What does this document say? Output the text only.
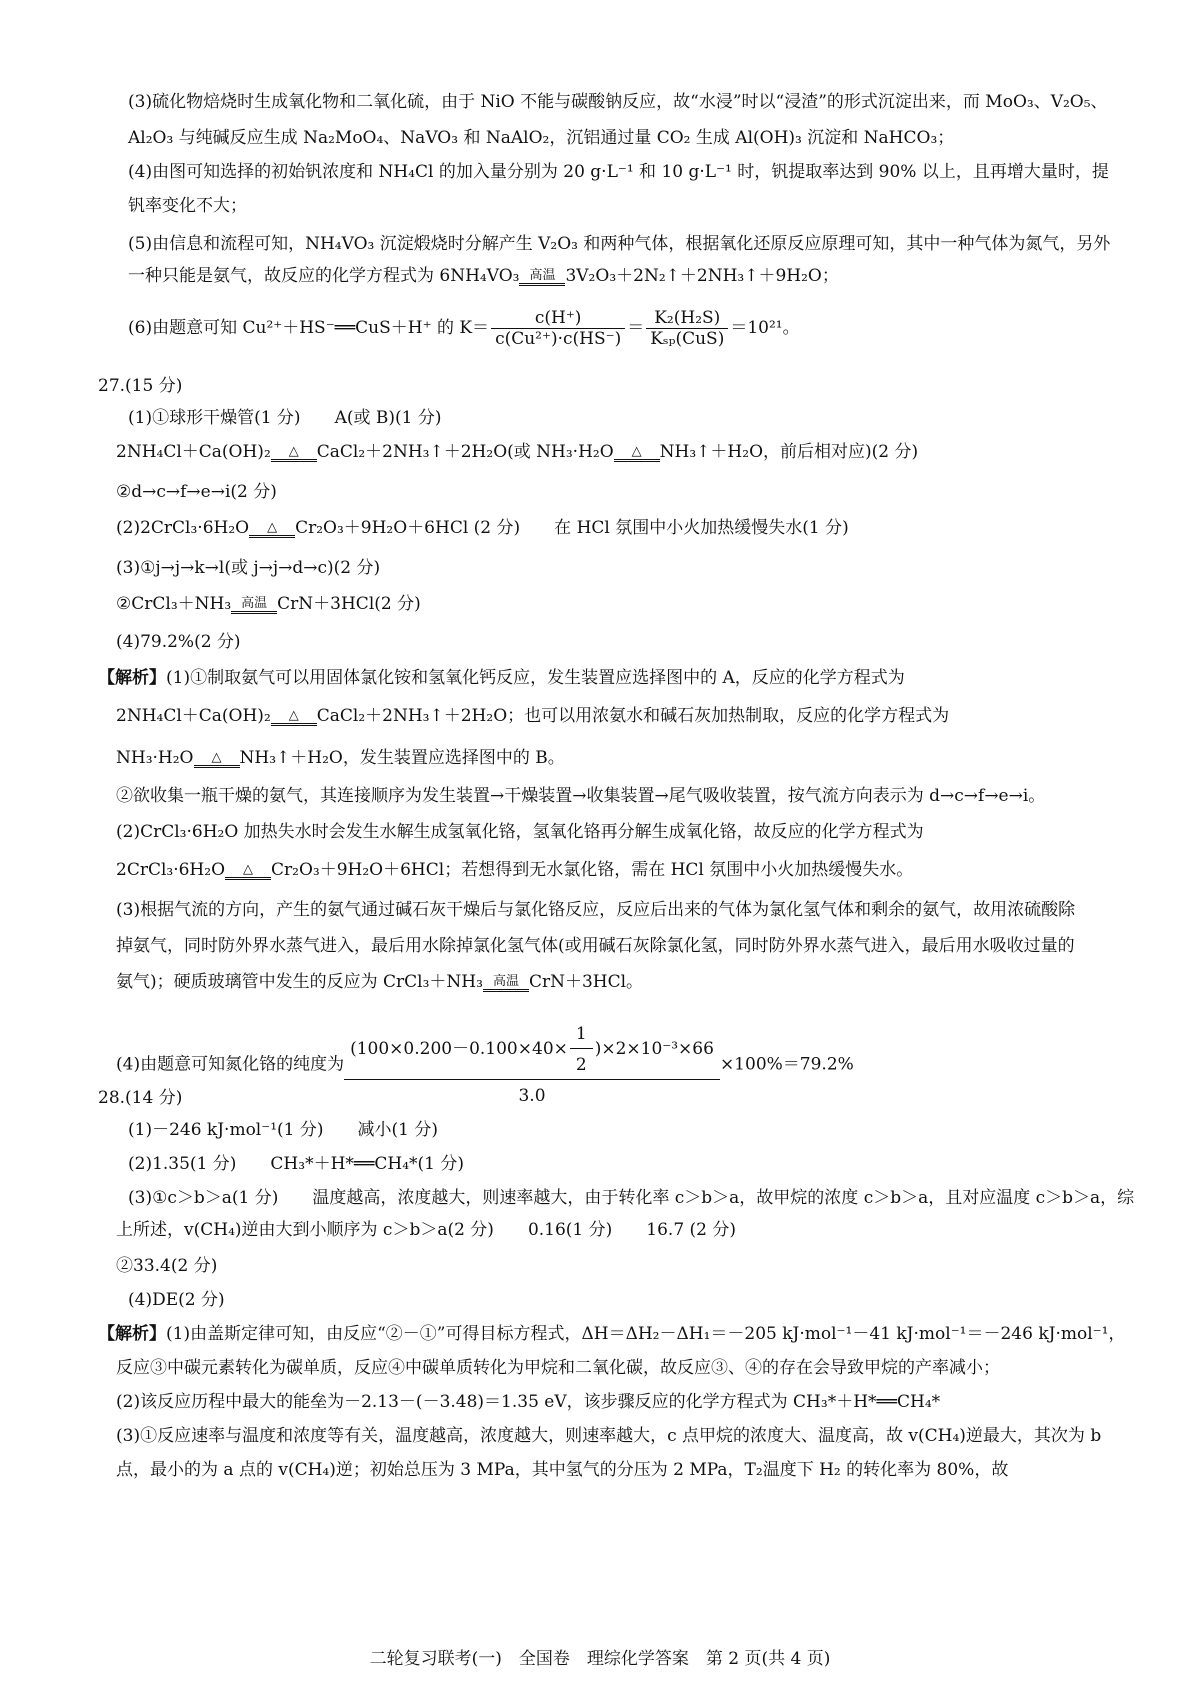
(3)硫化物焙烧时生成氧化物和二氧化硫，由于 NiO 不能与碳酸钠反应，故“水浸”时以“浸渣”的形式沉淀出来，而 MoO₃、V₂O₅、
Al₂O₃ 与纯碱反应生成 Na₂MoO₄、NaVO₃ 和 NaAlO₂，沉铝通过量 CO₂ 生成 Al(OH)₃ 沉淀和 NaHCO₃；
(4)由图可知选择的初始钒浓度和 NH₄Cl 的加入量分别为 20 g·L⁻¹ 和 10 g·L⁻¹ 时，钒提取率达到 90% 以上，且再增大量时，提
钒率变化不大；
(5)由信息和流程可知，NH₄VO₃ 沉淀煅烧时分解产生 V₂O₃ 和两种气体，根据氧化还原反应原理可知，其中一种气体为氮气，另外
一种只能是氨气，故反应的化学方程式为 6NH₄VO₃ 高温 3V₂O₃＋2N₂↑＋2NH₃↑＋9H₂O；
(6)由题意可知 Cu²⁺＋HS⁻══CuS＋H⁺ 的 $K= \frac{c(H^+)}{\text{c(Cu²⁺)·c(HS⁻)}} = \frac{\text{K₂(H₂S)}}{\text{Kₛₚ(CuS)}} =10^{21}$。
27.(15 分)
(1)①球形干燥管(1 分)　　A(或 B)(1 分)
2NH₄Cl＋Ca(OH)₂	△	CaCl₂＋2NH₃↑＋2H₂O(或 NH₃·H₂O	△	NH₃↑＋H₂O，前后相对应)(2 分)
②d→c→f→e→i(2 分)
(2)2CrCl₃·6H₂O	△	Cr₂O₃＋9H₂O＋6HCl (2 分)　　在 HCl 氛围中小火加热缓慢失水(1 分)
(3)①j→j→k→l(或 j→j→d→c)(2 分)
②CrCl₃＋NH₃ 高温 CrN＋3HCl(2 分)
(4)79.2%(2 分)
【解析】(1)①制取氨气可以用固体氯化铵和氢氧化钙反应，发生装置应选择图中的 A，反应的化学方程式为
2NH₄Cl＋Ca(OH)₂	△	CaCl₂＋2NH₃↑＋2H₂O；也可以用浓氨水和碱石灰加热制取，反应的化学方程式为
NH₃·H₂O	△	NH₃↑＋H₂O，发生装置应选择图中的 B。
②欲收集一瓶干燥的氨气，其连接顺序为发生装置→干燥装置→收集装置→尾气吸收装置，按气流方向表示为 d→c→f→e→i。
(2)CrCl₃·6H₂O 加热失水时会发生水解生成氢氧化铬，氢氧化铬再分解生成氧化铬，故反应的化学方程式为
2CrCl₃·6H₂O	△	Cr₂O₃＋9H₂O＋6HCl；若想得到无水氯化铬，需在 HCl 氛围中小火加热缓慢失水。
(3)根据气流的方向，产生的氨气通过碱石灰干燥后与氯化铬反应，反应后出来的气体为氯化氢气体和剩余的氨气，故用浓硫酸除
掉氨气，同时防外界水蒸气进入，最后用水除掉氯化氢气体(或用碱石灰除氯化氢，同时防外界水蒸气进入，最后用水吸收过量的
氨气)；硬质玻璃管中发生的反应为 CrCl₃＋NH₃ 高温 CrN＋3HCl。
(4)由题意可知氮化铬的纯度为 $\frac{(100\times 0.200-0.100\times 40\times \frac{1}{2} )\times 2\times 10^{-3}\times 66}{3.0} \times 100\%=79.2\%$
28.(14 分)
(1)－246 kJ·mol⁻¹(1 分)　　减小(1 分)
(2)1.35(1 分)　　CH₃*＋H*══CH₄*(1 分)
(3)①c＞b＞a(1 分)　　温度越高，浓度越大，则速率越大，由于转化率 c＞b＞a，故甲烷的浓度 c＞b＞a，且对应温度 c＞b＞a，综
上所述，v(CH₄)逆由大到小顺序为 c＞b＞a(2 分)　　0.16(1 分)　　16.7 (2 分)
②33.4(2 分)
(4)DE(2 分)
【解析】(1)由盖斯定律可知，由反应“②－①”可得目标方程式，ΔH＝ΔH₂－ΔH₁＝－205 kJ·mol⁻¹－41 kJ·mol⁻¹＝－246 kJ·mol⁻¹，
反应③中碳元素转化为碳单质，反应④中碳单质转化为甲烷和二氧化碳，故反应③、④的存在会导致甲烷的产率减小；
(2)该反应历程中最大的能垒为－2.13－(－3.48)＝1.35 eV，该步骤反应的化学方程式为 CH₃*＋H*══CH₄*
(3)①反应速率与温度和浓度等有关，温度越高，浓度越大，则速率越大，c 点甲烷的浓度大、温度高，故 v(CH₄)逆最大，其次为 b
点，最小的为 a 点的 v(CH₄)逆；初始总压为 3 MPa，其中氢气的分压为 2 MPa，T₂温度下 H₂ 的转化率为 80%，故
二轮复习联考(一)　全国卷　理综化学答案　第 2 页(共 4 页)
